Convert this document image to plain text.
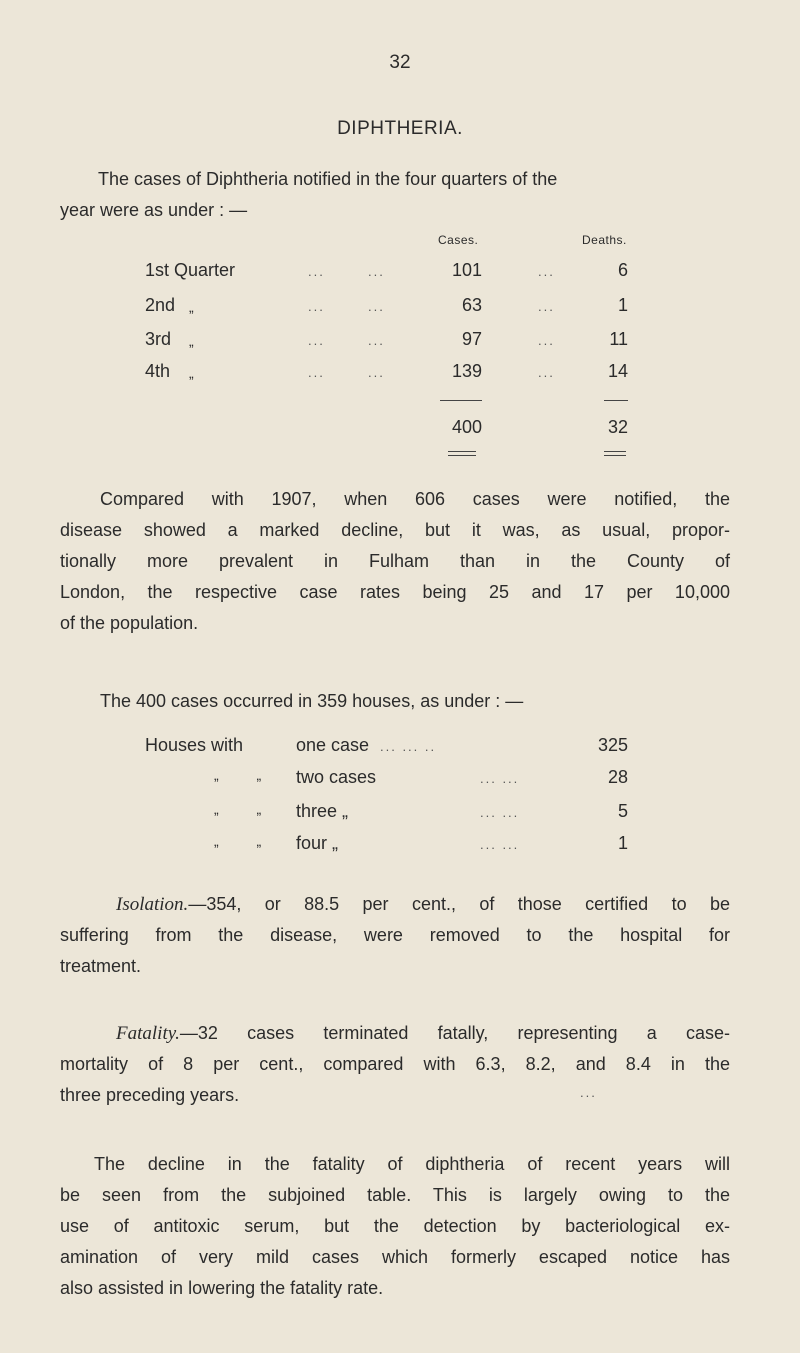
32
DIPHTHERIA.
The cases of Diphtheria notified in the four quarters of the
year were as under : —
Cases.	Deaths.
1st Quarter	...	...	101	...	6
2nd „	...	...	63	...	1
3rd „	...	...	97	...	11
4th „	...	...	139	...	14
400	32
Compared with 1907, when 606 cases were notified, the
disease showed a marked decline, but it was, as usual, propor-
tionally more prevalent in Fulham than in the County of
London, the respective case rates being 25 and 17 per 10,000
of the population.
The 400 cases occurred in 359 houses, as under : —
Houses with	one case ... ... ..	325
„ „ two cases	... ...	28
„ „ three „	... ...	5
„ „ four „	... ...	1
Isolation.—354, or 88.5 per cent., of those certified to be
suffering from the disease, were removed to the hospital for
treatment.
Fatality.—32 cases terminated fatally, representing a case-
mortality of 8 per cent., compared with 6.3, 8.2, and 8.4 in the
three preceding years.	...
The decline in the fatality of diphtheria of recent years will
be seen from the subjoined table. This is largely owing to the
use of antitoxic serum, but the detection by bacteriological ex-
amination of very mild cases which formerly escaped notice has
also assisted in lowering the fatality rate.
